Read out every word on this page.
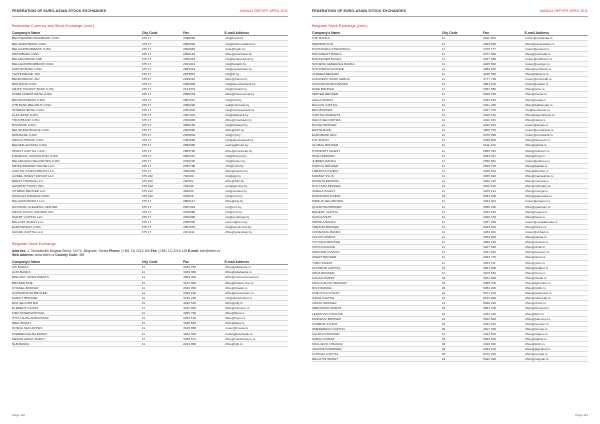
FEDERATION OF EURO-ASIAN STOCK EXCHANGES	ANNUAL REPORT APRIL 2011
Belarusian Currency and Stock Exchange (cont.)
Company's Name	City Code	Fax	E-mail Address
BELVNESHEKONOMBANK OJSC	375 17	2098083	info@bveb.by
BELINVESTBANK OJSC	375 17	2899929	info@belinvestbank.by
BELGAZPROMBANK OJSC	375 17	2590683	bank@bgpb.by
PRIORBANK OJSC	375 17	2899129	office@priorbank.by
BELARUSBANK ASB	375 17	2006323	info@belarusbank.by
BELAGROPROMBANK OJSC	375 17	2181041	info@belapb.by
PARITETBANK OJSC	375 17	2883419	info@paritetbank.by
TECHNOBANK JSC	375 17	2833807	info@tb.by
BELROSBANK JSC	375 17	2299210	office@belros.by
BPS-BANK OJSC	375 17	2095609	info@bps-sberbank.by
MINSK TRANSIT BANK CJSC	375 17	2131570	info@mtbank.by
HOME CREDIT BANK OJSC	375 17	2890333	office@homecredit.by
BELSWISSBANK CJSC	375 17	2897011	info@bsb.by
VTB BANK BELARUS CJSC	375 17	2095220	mail@vtb-bank.by
INTERPAYBANK CJSC	375 17	2061002	info@interpaybank.by
ALFA-BANK CJSC	375 17	2007001	info@alfabank.by
TRUSTBANK CJSC	375 17	2330909	office@trustbank.by
BTA BANK CJSC	375 17	3090150	info@btabank.by
BELINTERFINANCE CJSC	375 17	2069090	office@binf.by
RRB-BANK CJSC	375 17	2039909	info@rrb.by
ABSOLUTBANK CJSC	375 17	2394690	info@absolutbank.by
BELVEB LEASING CJSC	375 17	2895050	leasing@bveb.by
INVEST CAPITAL CJSC	375 17	2883700	office@investcap.by
FINANCIAL CONSULTING OJSC	375 17	2892211	info@fincons.by
BELARUSIAN SECURITIES CJSC	375 17	2336700	info@belsec.by
MINSK BROKER HOUSE LLC	375 17	2097788	mbh@mbh.by
CAPITAL INVESTMENTS LLC	375 17	2899003	office@capinv.by
GOMEL INVEST GROUP LLC	375 232	743300	info@gig.by
BREST FINANCE LLC	375 162	200551	office@bfin.by
GRODNO TRUST JSC	375 152	792244	trust@grodno.by
VITEBSK BROKER LLC	375 212	362020	info@vbroker.by
MOGILEV FINANCE OJSC	375 222	252525	info@mfin.by
BELAGROINVEST LLC	375 17	2866117	office@bai.by
NATIONAL CLEARING CENTER	375 17	2097344	ncc@ncc.by
MINSK STOCK CENTER JSC	375 17	2335580	info@msc.by
SMART CAPITAL LLC	375 17	2840099	info@smartcap.by
BELCOM INVEST LLC	375 17	2896400	belcom@bcm.by
EUROINVEST CJSC	375 17	2907070	info@euroinvest.by
GRAND CAPITAL LLC	375 17	2101111	office@grandcap.by
Belgrade Stock Exchange
Address: 1, Omladinskih Brigada Street, 11070, Belgrade, Serbia Phone: (+381 11) 2215 150 Fax: (+381 11) 2215 149 E-mail: info@belex.rs
Web Address: www.belex.rs Country Code: 381
Company's Name	City Code	Fax	E-mail Address
AIK BANKA	11	2016 750	office@aikbanka.rs
ALTA BANKA	11	3230 380	office@altabanka.rs
BDD M&V INVESTMENTS	11	3083 300	office@mvinvestments.rs
BROKER ONE	11	3131 990	office@broker-one.rs
CITADEL BROKER	11	2638 050	office@citadel.rs
CONSORTIUM BROKER	11	3346 160	office@consortium.rs
DIRECT BROKER	11	3130 290	info@directbroker.rs
EFG SECURITIES	11	3022 510	office@efg.rs
ELEMENT INVEST	11	3292 565	office@element.rs
FIMA INTERNATIONAL	11	3205 799	office@fima.rs
HYPO ALPE-ADRIA BANK	11	2226 100	office@hypo.rs
IDEA INVEST	11	3036 640	office@idea.rs
INTESA SECURITIES	11	3108 888	broker@intesa.rs
KOMERCIJALNA BANKA	11	3344 335	broker@kombank.rs
MEDIOLANUM INVEST	11	3298 101	office@mediolanum.rs
NLB BANKA	11	2224 990	office@nlb.rs
Page 110
FEDERATION OF EURO-ASIAN STOCK EXCHANGES	ANNUAL REPORT APRIL 2011
Belgrade Stock Exchange (cont.)
Company's Name	City Code	Fax	E-mail Address
OTP BANKA	11	2011 500	broker@otpbanka.rs
PERSPEKTIVA	11	3203 950	office@perspektiva.rs
POSTANSKA STEDIONICA	11	3376 777	broker@posted.rs
PROCREDIT BANKA	11	2077 906	office@procredit.rs
RAIFFEISEN BANKA	11	2207 080	broker@raiffeisen.rs
SOCIETE GENERALE BANKA	11	2225 500	broker@socgen.rs
SYNTHESIS FINANCE	11	3283 810	office@synthesis.rs
TANDEM BROKER	11	3220 660	office@tandem.rs
UNICREDIT BANK SRBIJA	11	3777 799	broker@unicredit.rs
VOJVODJANSKA BANKA	21	4891 100	broker@voban.rs
WISE BROKER	11	3034 580	office@wise.rs
ZEPTER BROKER	11	3306 150	office@zepter.rs
AVALA INVEST	11	2433 010	office@avala.rs
BALKAN CAPITAL	11	3241 490	office@balkancap.rs
BEO BROKER	11	2647 700	info@beobroker.rs
CAPITAL MARKETS	11	3229 110	office@capmarkets.rs
DELTA SECURITIES	11	2011 333	office@delta.rs
DUNAV BROKER	11	3224 001	broker@dunav.rs
ERSTE BANK	21	4809 700	broker@erstebank.rs
EUROBANK EFG	11	2075 899	broker@eurobank.rs
FIN INVEST	11	3348 800	office@fininvest.rs
GLOBAL BROKER	11	3111 220	office@global.rs
HORIZONT INVEST	11	2685 510	office@horizont.rs
INVEJ BROKER	11	3233 447	office@invej.rs
JUBMES BANKA	11	2650 061	broker@jubmes.rs
KAPITAL BROKER	11	2646 700	office@kapital.rs
LIBERTAS INVEST	11	3225 610	office@libertas.rs
MARKET PLUS	11	3035 620	office@marketplus.rs
MONETA BROKER	11	2620 410	office@moneta.rs
NOVI SAD BROKER	21	6611 515	office@nsbroker.rs
OMEGA INVEST	11	3225 144	office@omega.rs
PANONSKA INVEST	24	5531 200	office@panonska.rs
PIREUS SECURITIES	11	3024 001	broker@piraeus.rs
QUANTUM BROKER	11	2655 230	office@quantum.rs
REGENT CAPITAL	11	3224 515	office@regent.rs
SAVA INVEST	11	2400 100	office@sava.rs
SRPSKA BANKA	11	3237 299	broker@srpskabanka.rs
TREZOR BROKER	11	2644 200	office@trezor.rs
UNIVERZAL BANKA	11	3284 001	broker@ubbad.rs
VALUTA INVEST	11	3033 900	office@valuta.rs
VICTORIA BROKER	11	2689 190	office@victoria.rs
VISTA FINANCE	11	3227 030	office@vista.rs
WESTERN INVEST	11	3221 020	office@western.rs
XPERT BROKER	11	2633 770	office@xpert.rs
YUBC INVEST	11	3203 111	office@yubc.rs
ZLATIBOR CAPITAL	31	3597 200	office@zlatibor.rs
ZONA BROKER	11	3109 530	office@zona.rs
CACAK INVEST	32	3231 000	office@cacak.rs
KRAGUJEVAC BROKER	34	3355 700	office@kgbroker.rs
NIS FINANCE	18	5252 200	office@nisfin.rs
SUBOTICA INVEST	24	5577 100	office@subinvest.rs
UZICE CAPITAL	31	5123 400	office@uzicecap.rs
VRSAC BROKER	13	8300 220	office@vrsac.rs
ZRENJANIN INVEST	23	5651 700	office@zrinvest.rs
LESKOVAC FINANCE	16	2233 410	office@lefin.rs
PANCEVO BROKER	13	3512 600	office@pancevo.rs
SOMBOR INVEST	25	4422 010	office@sombor.rs
SMEDEREVO CAPITAL	26	4617 300	office@smcap.rs
VALJEVO BROKER	14	2224 500	office@valjevo.rs
SABAC INVEST	15	3453 200	office@sabac.rs
KRALJEVO FINANCE	36	3320 900	office@kvfin.rs
JAGODINA BROKER	35	2233 100	office@jagodina.rs
CUPRIJA CAPITAL	35	8470 200	office@cuprija.rs
NEGOTIN INVEST	19	5422 300	office@negotin.rs
Page 111
